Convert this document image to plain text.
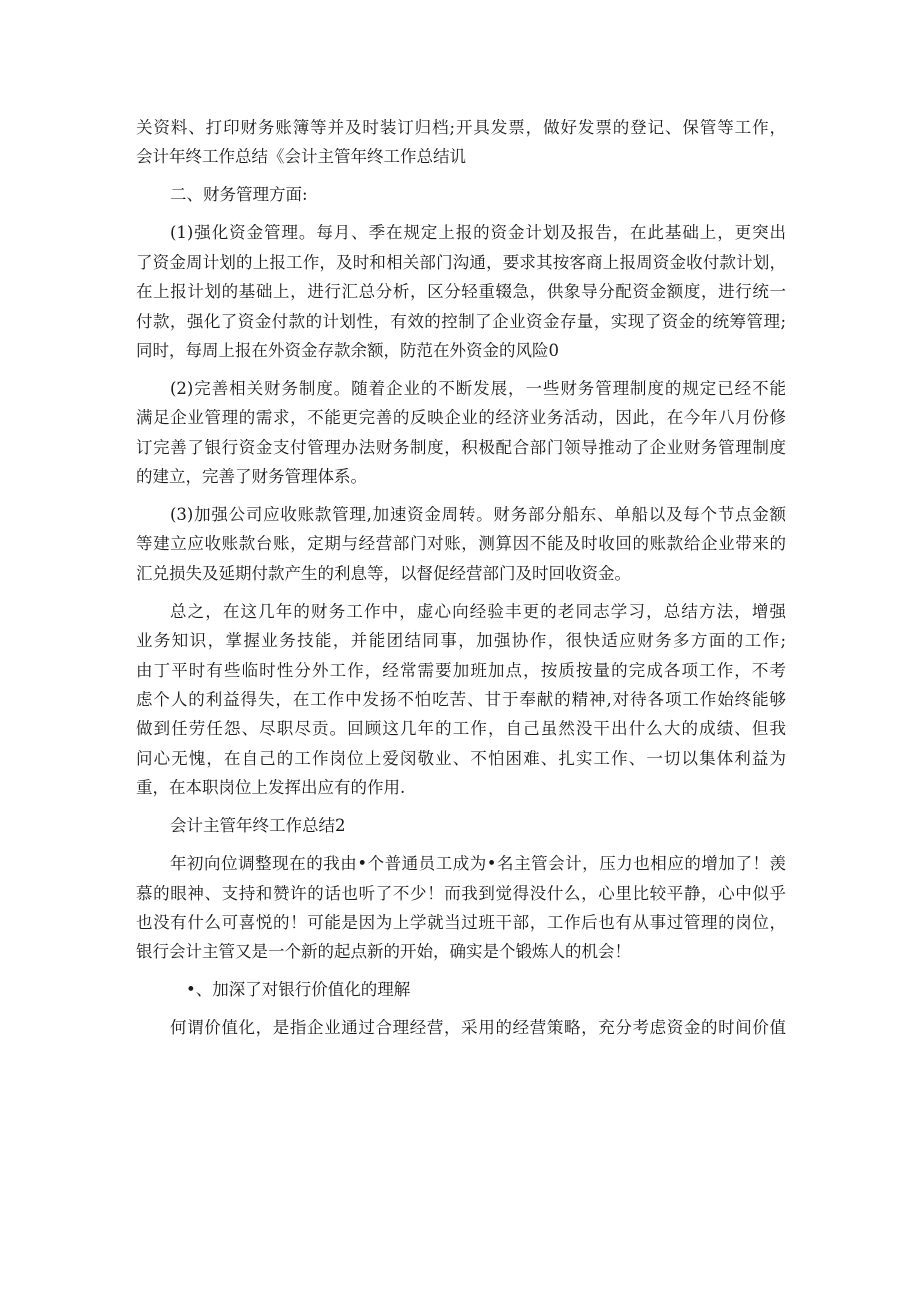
关资料、打印财务账簿等并及时装订归档;开具发票，做好发票的登记、保管等工作，
会计年终工作总结《会计主管年终工作总结讥
二、财务管理方面:
(1)强化资金管理。每月、季在规定上报的资金计划及报告，在此基础上，更突出
了资金周计划的上报工作，及时和相关部门沟通，要求其按客商上报周资金收付款计划，
在上报计划的基础上，进行汇总分析，区分轻重辍急，供象导分配资金额度，进行统一
付款，强化了资金付款的计划性，有效的控制了企业资金存量，实现了资金的统筹管理;
同时，每周上报在外资金存款余额，防范在外资金的风险0
(2)完善相关财务制度。随着企业的不断发展，一些财务管理制度的规定已经不能
满足企业管理的需求，不能更完善的反映企业的经济业务活动，因此，在今年八月份修
订完善了银行资金支付管理办法财务制度，积极配合部门领导推动了企业财务管理制度
的建立，完善了财务管理体系。
(3)加强公司应收账款管理,加速资金周转。财务部分船东、单船以及每个节点金额
等建立应收账款台账，定期与经营部门对账，测算因不能及时收回的账款给企业带来的
汇兑损失及延期付款产生的利息等，以督促经营部门及时回收资金。
总之，在这几年的财务工作中，虚心向经验丰更的老同志学习，总结方法，增强
业务知识，掌握业务技能，并能团结同事，加强协作，很快适应财务多方面的工作;
由丁平时有些临时性分外工作，经常需要加班加点，按质按量的完成各项工作，不考
虑个人的利益得失，在工作中发扬不怕吃苦、甘于奉献的精神,对待各项工作始终能够
做到任劳任怨、尽职尽贡。回顾这几年的工作，自己虽然没干出什么大的成绩、但我
问心无愧，在自己的工作岗位上爱闵敬业、不怕困难、扎实工作、一切以集体利益为
重，在本职岗位上发挥出应有的作用.
会计主管年终工作总结2
年初向位调整现在的我由•个普通员工成为•名主管会计，压力也相应的增加了！羡
慕的眼神、支持和赞许的话也听了不少！而我到觉得没什么，心里比较平静，心中似乎
也没有什么可喜悦的！可能是因为上学就当过班干部，工作后也有从事过管理的岗位，
银行会计主管又是一个新的起点新的开始，确实是个锻炼人的机会！
•、加深了对银行价值化的理解
何谓价值化，是指企业通过合理经营，采用的经营策略，充分考虑资金的时间价值
